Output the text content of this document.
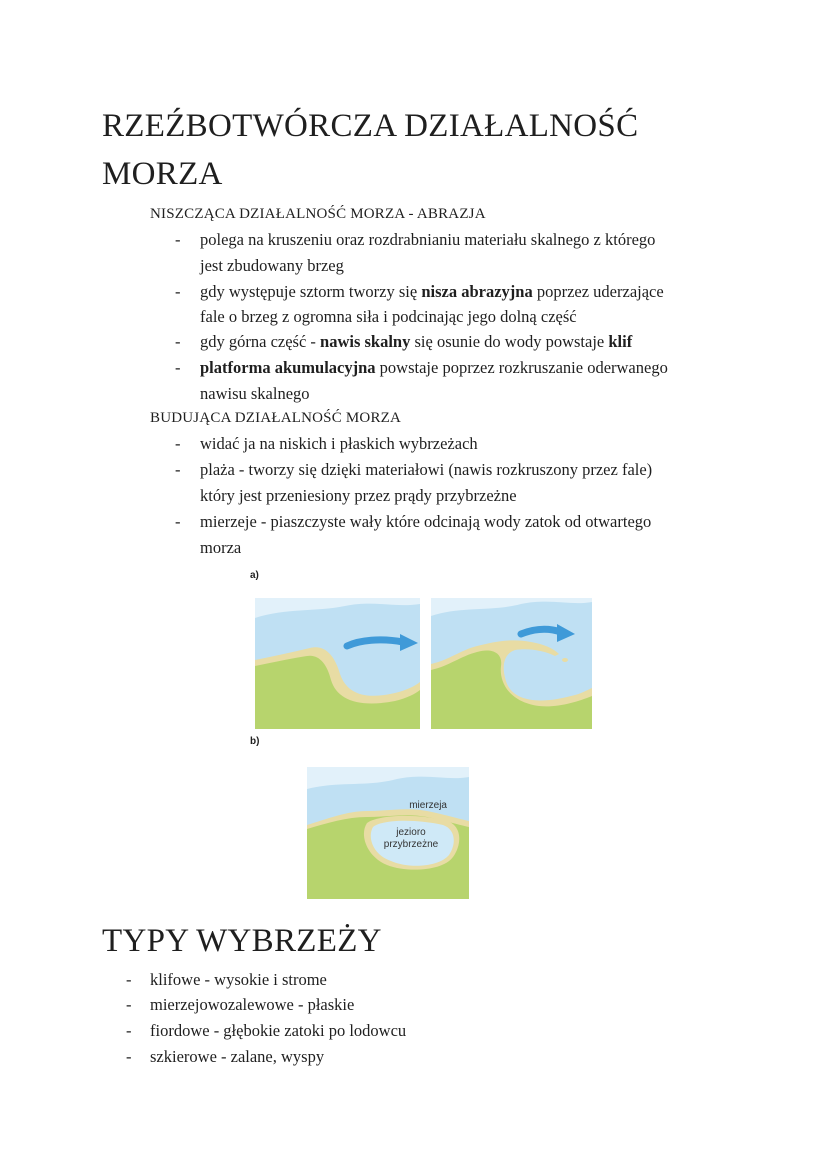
RZEŹBOTWÓRCZA DZIAŁALNOŚĆ
MORZA
NISZCZĄCA DZIAŁALNOŚĆ MORZA - ABRAZJA
- polega na kruszeniu oraz rozdrabnianiu materiału skalnego z którego
jest zbudowany brzeg
- gdy występuje sztorm tworzy się nisza abrazyjna poprzez uderzające
fale o brzeg z ogromna siła i podcinając jego dolną część
- gdy górna część - nawis skalny się osunie do wody powstaje klif
- platforma akumulacyjna powstaje poprzez rozkruszanie oderwanego
nawisu skalnego
BUDUJĄCA DZIAŁALNOŚĆ MORZA
- widać ja na niskich i płaskich wybrzeżach
- plaża - tworzy się dzięki materiałowi (nawis rozkruszony przez fale)
który jest przeniesiony przez prądy przybrzeżne
- mierzeje - piaszczyste wały które odcinają wody zatok od otwartego
morza
a)
b)
mierzeja
jezioro
przybrzeżne
TYPY WYBRZEŻY
- klifowe - wysokie i strome
- mierzejowozalewowe - płaskie
- fiordowe - głębokie zatoki po lodowcu
- szkierowe - zalane, wyspy
